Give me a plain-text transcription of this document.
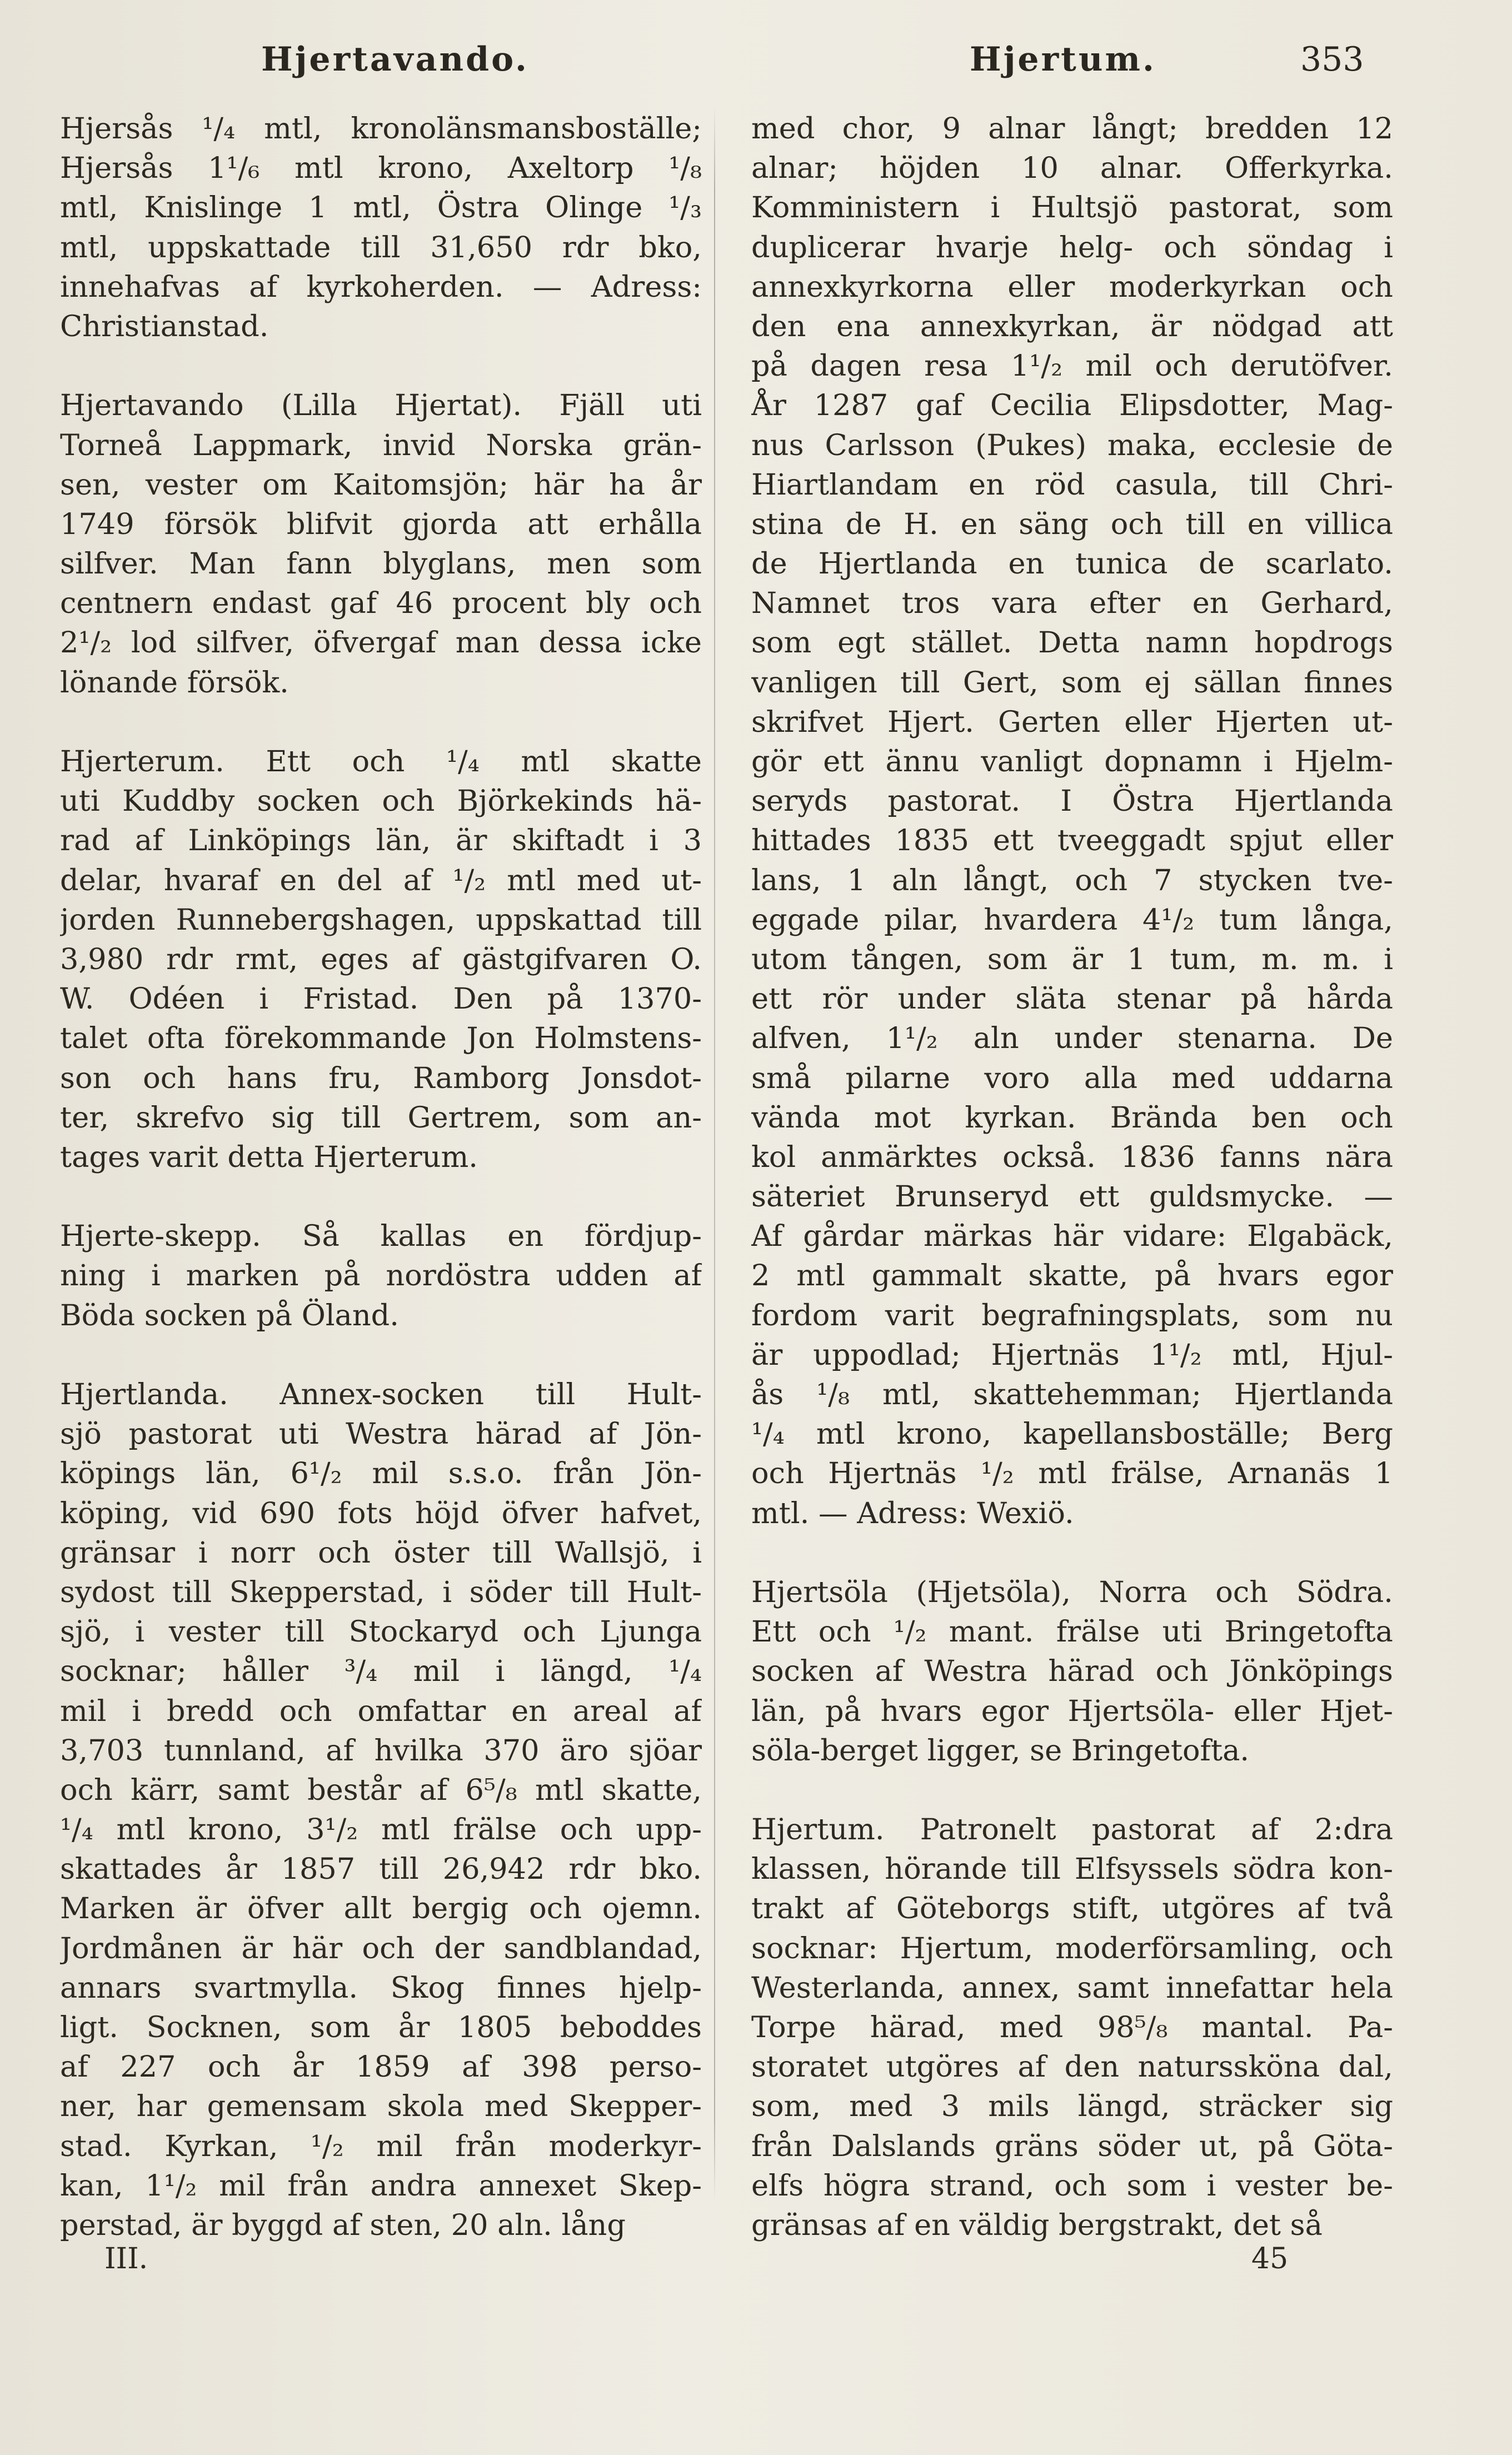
Hjertavando.	Hjertum.	353
Hjersås ¹/₄ mtl, kronolänsmansboställe;
Hjersås 1¹/₆ mtl krono, Axeltorp ¹/₈
mtl, Knislinge 1 mtl, Östra Olinge ¹/₃
mtl, uppskattade till 31,650 rdr bko,
innehafvas af kyrkoherden. — Adress:
Christianstad.
Hjertavando (Lilla Hjertat). Fjäll uti
Torneå Lappmark, invid Norska grän-
sen, vester om Kaitomsjön; här ha år
1749 försök blifvit gjorda att erhålla
silfver. Man fann blyglans, men som
centnern endast gaf 46 procent bly och
2¹/₂ lod silfver, öfvergaf man dessa icke
lönande försök.
Hjerterum. Ett och ¹/₄ mtl skatte
uti Kuddby socken och Björkekinds hä-
rad af Linköpings län, är skiftadt i 3
delar, hvaraf en del af ¹/₂ mtl med ut-
jorden Runnebergshagen, uppskattad till
3,980 rdr rmt, eges af gästgifvaren O.
W. Odéen i Fristad. Den på 1370-
talet ofta förekommande Jon Holmstens-
son och hans fru, Ramborg Jonsdot-
ter, skrefvo sig till Gertrem, som an-
tages varit detta Hjerterum.
Hjerte-skepp. Så kallas en fördjup-
ning i marken på nordöstra udden af
Böda socken på Öland.
Hjertlanda. Annex-socken till Hult-
sjö pastorat uti Westra härad af Jön-
köpings län, 6¹/₂ mil s.s.o. från Jön-
köping, vid 690 fots höjd öfver hafvet,
gränsar i norr och öster till Wallsjö, i
sydost till Skepperstad, i söder till Hult-
sjö, i vester till Stockaryd och Ljunga
socknar; håller ³/₄ mil i längd, ¹/₄
mil i bredd och omfattar en areal af
3,703 tunnland, af hvilka 370 äro sjöar
och kärr, samt består af 6⁵/₈ mtl skatte,
¹/₄ mtl krono, 3¹/₂ mtl frälse och upp-
skattades år 1857 till 26,942 rdr bko.
Marken är öfver allt bergig och ojemn.
Jordmånen är här och der sandblandad,
annars svartmylla. Skog finnes hjelp-
ligt. Socknen, som år 1805 beboddes
af 227 och år 1859 af 398 perso-
ner, har gemensam skola med Skepper-
stad. Kyrkan, ¹/₂ mil från moderkyr-
kan, 1¹/₂ mil från andra annexet Skep-
perstad, är byggd af sten, 20 aln. lång
med chor, 9 alnar långt; bredden 12
alnar; höjden 10 alnar. Offerkyrka.
Komministern i Hultsjö pastorat, som
duplicerar hvarje helg- och söndag i
annexkyrkorna eller moderkyrkan och
den ena annexkyrkan, är nödgad att
på dagen resa 1¹/₂ mil och derutöfver.
År 1287 gaf Cecilia Elipsdotter, Mag-
nus Carlsson (Pukes) maka, ecclesie de
Hiartlandam en röd casula, till Chri-
stina de H. en säng och till en villica
de Hjertlanda en tunica de scarlato.
Namnet tros vara efter en Gerhard,
som egt stället. Detta namn hopdrogs
vanligen till Gert, som ej sällan finnes
skrifvet Hjert. Gerten eller Hjerten ut-
gör ett ännu vanligt dopnamn i Hjelm-
seryds pastorat. I Östra Hjertlanda
hittades 1835 ett tveeggadt spjut eller
lans, 1 aln långt, och 7 stycken tve-
eggade pilar, hvardera 4¹/₂ tum långa,
utom tången, som är 1 tum, m. m. i
ett rör under släta stenar på hårda
alfven, 1¹/₂ aln under stenarna. De
små pilarne voro alla med uddarna
vända mot kyrkan. Brända ben och
kol anmärktes också. 1836 fanns nära
säteriet Brunseryd ett guldsmycke. —
Af gårdar märkas här vidare: Elgabäck,
2 mtl gammalt skatte, på hvars egor
fordom varit begrafningsplats, som nu
är uppodlad; Hjertnäs 1¹/₂ mtl, Hjul-
ås ¹/₈ mtl, skattehemman; Hjertlanda
¹/₄ mtl krono, kapellansboställe; Berg
och Hjertnäs ¹/₂ mtl frälse, Arnanäs 1
mtl. — Adress: Wexiö.
Hjertsöla (Hjetsöla), Norra och Södra.
Ett och ¹/₂ mant. frälse uti Bringetofta
socken af Westra härad och Jönköpings
län, på hvars egor Hjertsöla- eller Hjet-
söla-berget ligger, se Bringetofta.
Hjertum. Patronelt pastorat af 2:dra
klassen, hörande till Elfsyssels södra kon-
trakt af Göteborgs stift, utgöres af två
socknar: Hjertum, moderförsamling, och
Westerlanda, annex, samt innefattar hela
Torpe härad, med 98⁵/₈ mantal. Pa-
storatet utgöres af den naturssköna dal,
som, med 3 mils längd, sträcker sig
från Dalslands gräns söder ut, på Göta-
elfs högra strand, och som i vester be-
gränsas af en väldig bergstrakt, det så
III.	45
